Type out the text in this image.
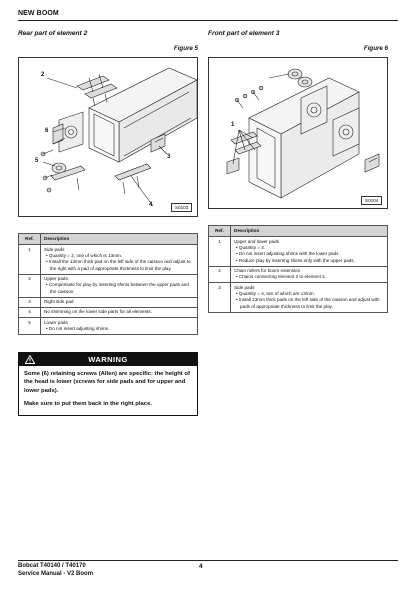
NEW BOOM
Rear part of element 2	Front part of element 3
Figure 5	Figure 6
2
6
5
3
4	S0103
1
S0104
Ref.	Description
1	Side pads
• Quantity = 2, one of which is 13mm.
• Install the 13mm thick pad on the left side of the caisson and adjust to the right with a pad of appropriate thickness to limit the play.

2	Upper pads.
• Compensate for play by inserting shims between the upper pads and the caisson.

3	Right side pad

4	No shimming on the lower side parts for all elements.

5	Lower pads
• Do not insert adjusting shims.
Ref.	Description
1	Upper and lower pads
• Quantity = 4.
• Do not insert adjusting shims with the lower pads.
• Reduce play by inserting shims only with the upper pads.

2	Chain rollers for boom extension
• Chains connecting element 2 to element 4.

3	Side pads
• Quantity = 4, two of which are 13mm.
• Install 13mm thick pads on the left side of the caisson and adjust with pads of appropriate thickness to limit the play.
WARNING

Some (6) retaining screws (Allen) are specific: the height of the head is lower (screws for side pads and for upper and lower pads).

Make sure to put them back in the right place.

Bobcat T40140 / T40170
Service Manual - V2 Boom
4
